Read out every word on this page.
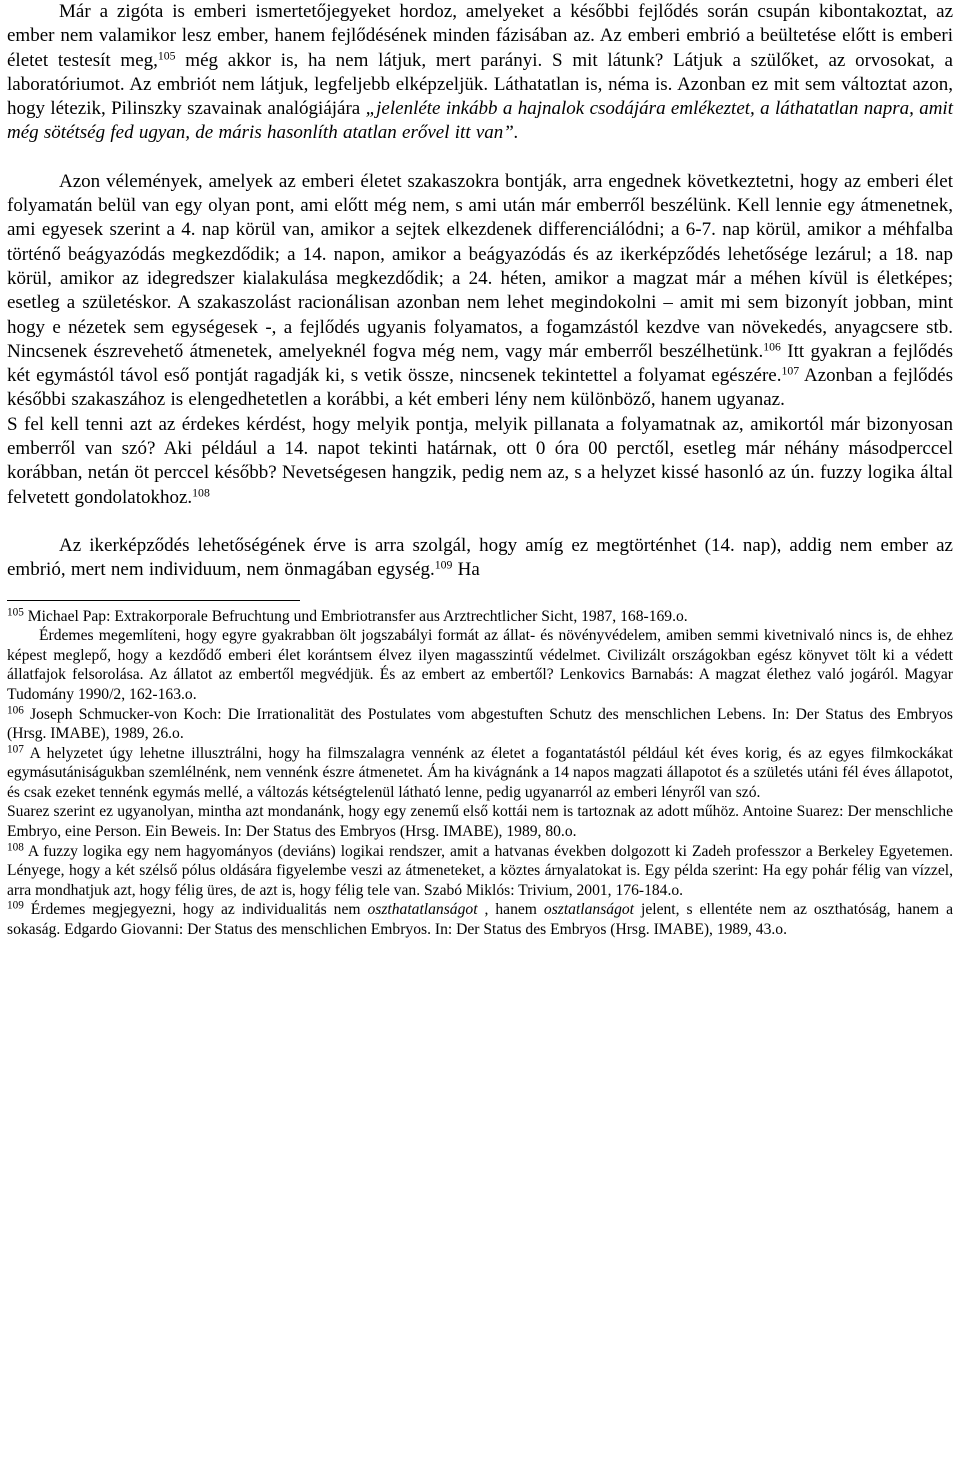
Már a zigóta is emberi ismertetőjegyeket hordoz, amelyeket a későbbi fejlődés során csupán kibontakoztat, az ember nem valamikor lesz ember, hanem fejlődésének minden fázisában az. Az emberi embrió a beültetése előtt is emberi életet testesít meg,$^{105}$ még akkor is, ha nem látjuk, mert parányi. S mit látunk? Látjuk a szülőket, az orvosokat, a laboratóriumot. Az embriót nem látjuk, legfeljebb elképzeljük. Láthatatlan is, néma is. Azonban ez mit sem változtat azon, hogy létezik, Pilinszky szavainak analógiájára „jelenléte inkább a hajnalok csodájára emlékeztet, a láthatatlan napra, amit még sötétség fed ugyan, de máris hasonlíth atatlan erővel itt van”.

Azon vélemények, amelyek az emberi életet szakaszokra bontják, arra engednek következtetni, hogy az emberi élet folyamatán belül van egy olyan pont, ami előtt még nem, s ami után már emberről beszélünk. Kell lennie egy átmenetnek, ami egyesek szerint a 4. nap körül van, amikor a sejtek elkezdenek differenciálódni; a 6-7. nap körül, amikor a méhfalba történő beágyazódás megkezdődik; a 14. napon, amikor a beágyazódás és az ikerképződés lehetősége lezárul; a 18. nap körül, amikor az idegredszer kialakulása megkezdődik; a 24. héten, amikor a magzat már a méhen kívül is életképes; esetleg a születéskor. A szakaszolást racionálisan azonban nem lehet megindokolni – amit mi sem bizonyít jobban, mint hogy e nézetek sem egységesek -, a fejlődés ugyanis folyamatos, a fogamzástól kezdve van növekedés, anyagcsere stb. Nincsenek észrevehető átmenetek, amelyeknél fogva még nem, vagy már emberről beszélhetünk.$^{106}$ Itt gyakran a fejlődés két egymástól távol eső pontját ragadják ki, s vetik össze, nincsenek tekintettel a folyamat egészére.$^{107}$ Azonban a fejlődés későbbi szakaszához is elengedhetetlen a korábbi, a két emberi lény nem különböző, hanem ugyanaz.

S fel kell tenni azt az érdekes kérdést, hogy melyik pontja, melyik pillanata a folyamatnak az, amikortól már bizonyosan emberről van szó? Aki például a 14. napot tekinti határnak, ott 0 óra 00 perctől, esetleg már néhány másodperccel korábban, netán öt perccel később? Nevetségesen hangzik, pedig nem az, s a helyzet kissé hasonló az ún. fuzzy logika által felvetett gondolatokhoz.$^{108}$

Az ikerképződés lehetőségének érve is arra szolgál, hogy amíg ez megtörténhet (14. nap), addig nem ember az embrió, mert nem individuum, nem önmagában egység.$^{109}$ Ha

$^{105}$ Michael Pap: Extrakorporale Befruchtung und Embriotransfer aus Arztrechtlicher Sicht, 1987, 168-169.o.

Érdemes megemlíteni, hogy egyre gyakrabban ölt jogszabályi formát az állat- és növényvédelem, amiben semmi kivetnivaló nincs is, de ehhez képest meglepő, hogy a kezdődő emberi élet korántsem élvez ilyen magasszintű védelmet. Civilizált országokban egész könyvet tölt ki a védett állatfajok felsorolása. Az állatot az embertől megvédjük. És az embert az embertől? Lenkovics Barnabás: A magzat élethez való jogáról. Magyar Tudomány 1990/2, 162-163.o.

$^{106}$ Joseph Schmucker-von Koch: Die Irrationalität des Postulates vom abgestuften Schutz des menschlichen Lebens. In: Der Status des Embryos (Hrsg. IMABE), 1989, 26.o.

$^{107}$ A helyzetet úgy lehetne illusztrálni, hogy ha filmszalagra vennénk az életet a fogantatástól például két éves korig, és az egyes filmkockákat egymásutániságukban szemlélnénk, nem vennénk észre átmenetet. Ám ha kivágnánk a 14 napos magzati állapotot és a születés utáni fél éves állapotot, és csak ezeket tennénk egymás mellé, a változás kétségtelenül látható lenne, pedig ugyanarról az emberi lényről van szó.

Suarez szerint ez ugyanolyan, mintha azt mondanánk, hogy egy zenemű első kottái nem is tartoznak az adott műhöz. Antoine Suarez: Der menschliche Embryo, eine Person. Ein Beweis. In: Der Status des Embryos (Hrsg. IMABE), 1989, 80.o.

$^{108}$ A fuzzy logika egy nem hagyományos (deviáns) logikai rendszer, amit a hatvanas években dolgozott ki Zadeh professzor a Berkeley Egyetemen. Lényege, hogy a két szélső pólus oldására figyelembe veszi az átmeneteket, a köztes árnyalatokat is. Egy példa szerint: Ha egy pohár félig van vízzel, arra mondhatjuk azt, hogy félig üres, de azt is, hogy félig tele van. Szabó Miklós: Trivium, 2001, 176-184.o.

$^{109}$ Érdemes megjegyezni, hogy az individualitás nem oszthatatlanságot , hanem osztatlanságot jelent, s ellentéte nem az oszthatóság, hanem a sokaság. Edgardo Giovanni: Der Status des menschlichen Embryos. In: Der Status des Embryos (Hrsg. IMABE), 1989, 43.o.
